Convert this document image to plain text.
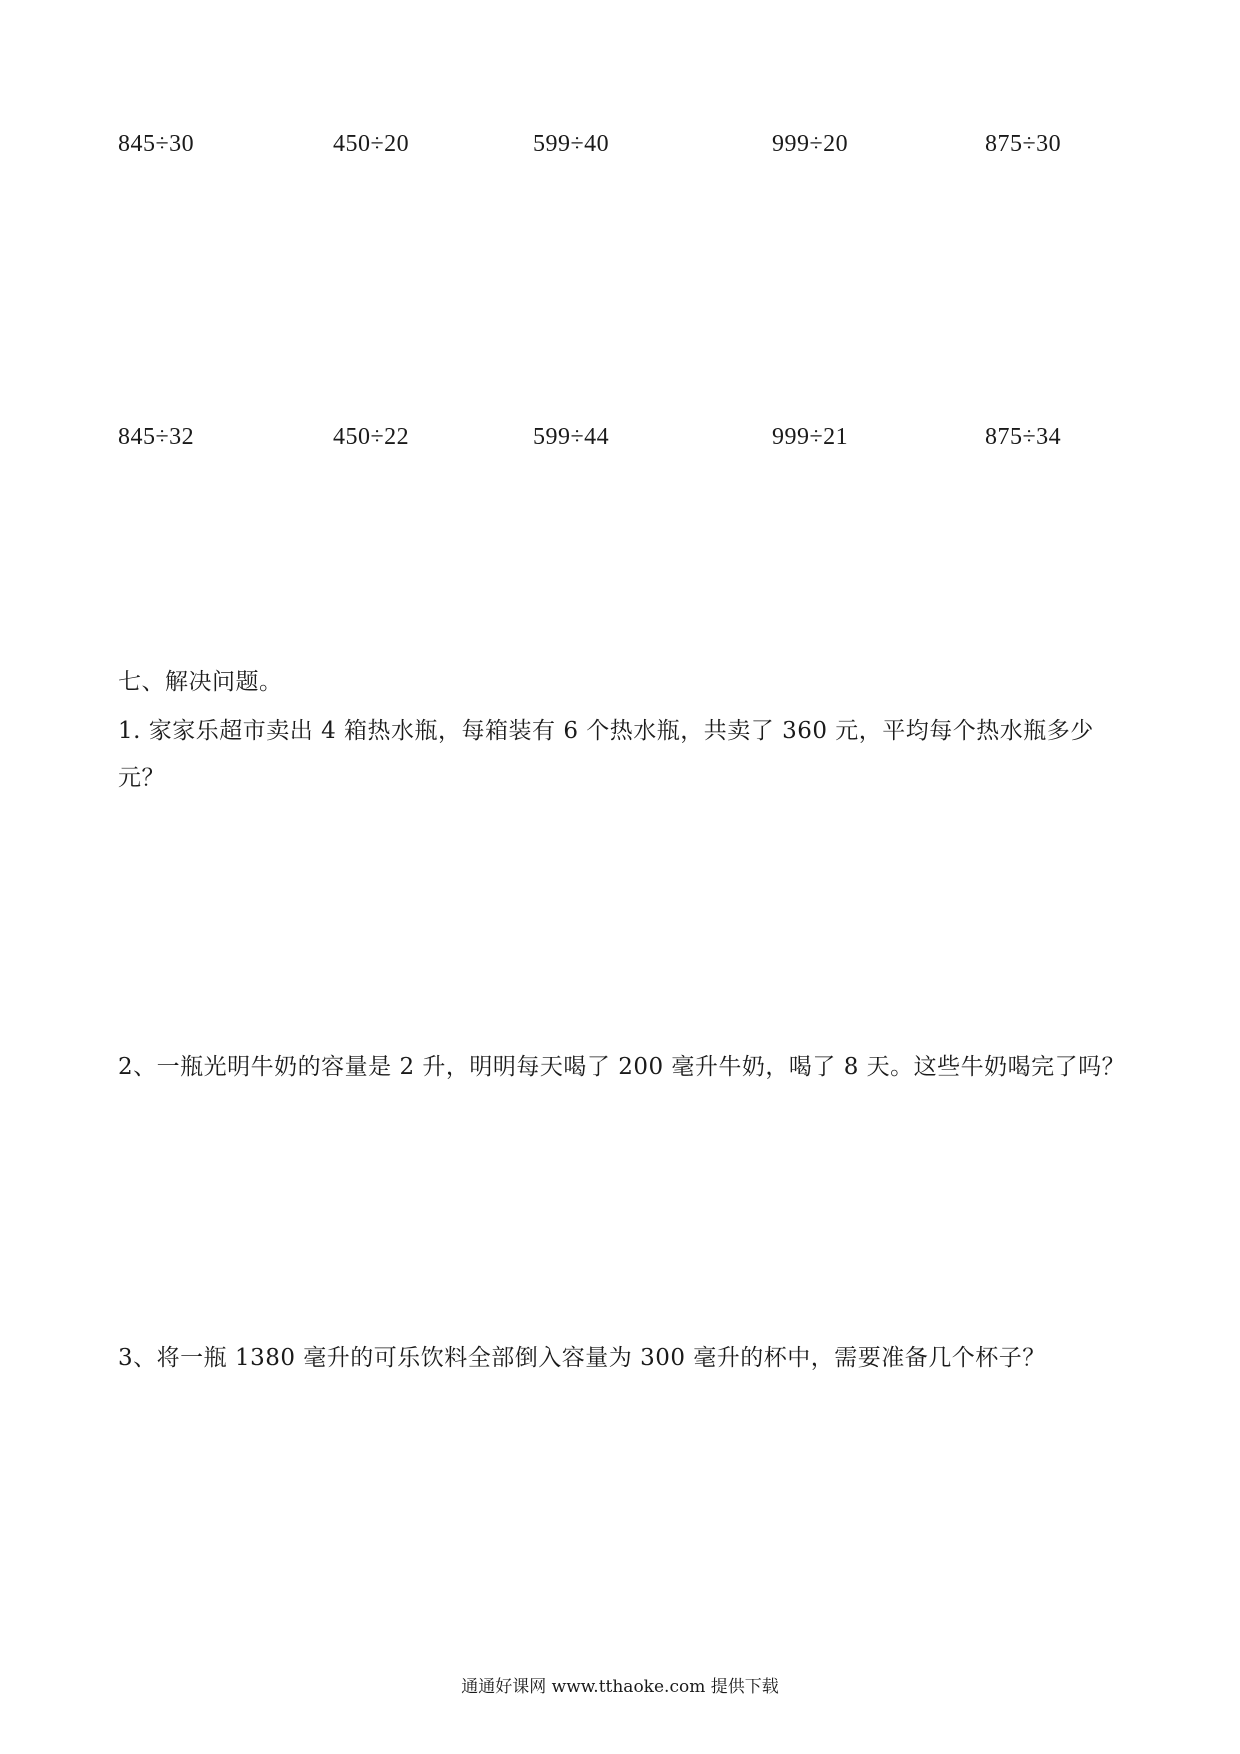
845÷30	450÷20	599÷40	999÷20	875÷30
845÷32	450÷22	599÷44	999÷21	875÷34
七、解决问题。
1. 家家乐超市卖出 4 箱热水瓶，每箱装有 6 个热水瓶，共卖了 360 元，平均每个热水瓶多少
元？
2、一瓶光明牛奶的容量是 2 升，明明每天喝了 200 毫升牛奶，喝了 8 天。这些牛奶喝完了吗？
3、将一瓶 1380 毫升的可乐饮料全部倒入容量为 300 毫升的杯中，需要准备几个杯子？
通通好课网 www.tthaoke.com 提供下载
